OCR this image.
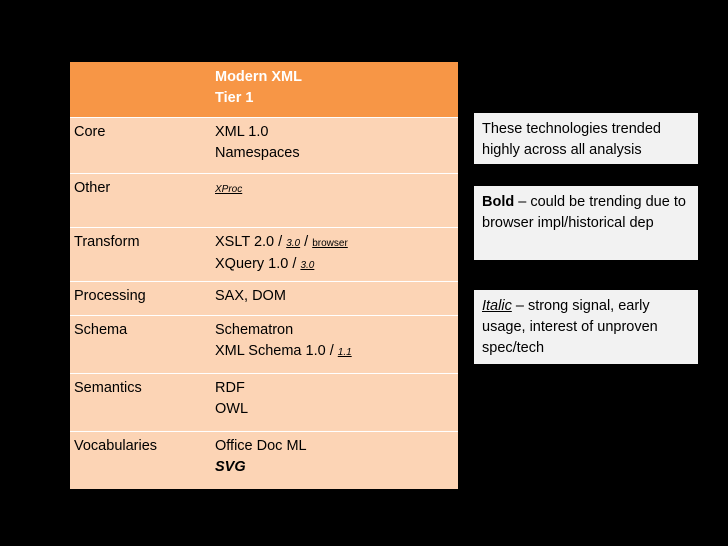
	Modern XML
Tier 1

Core	XML 1.0
Namespaces

Other	XProc
Transform	XSLT 2.0 / 3.0 / browser
XQuery 1.0 / 3.0

Processing	SAX, DOM
Schema	Schematron
XML Schema 1.0 / 1.1

Semantics	RDF
OWL

Vocabularies	Office Doc ML
SVG
These technologies trended highly across all analysis
Bold – could be trending due to browser impl/historical dep
Italic – strong signal, early usage, interest of unproven spec/tech
